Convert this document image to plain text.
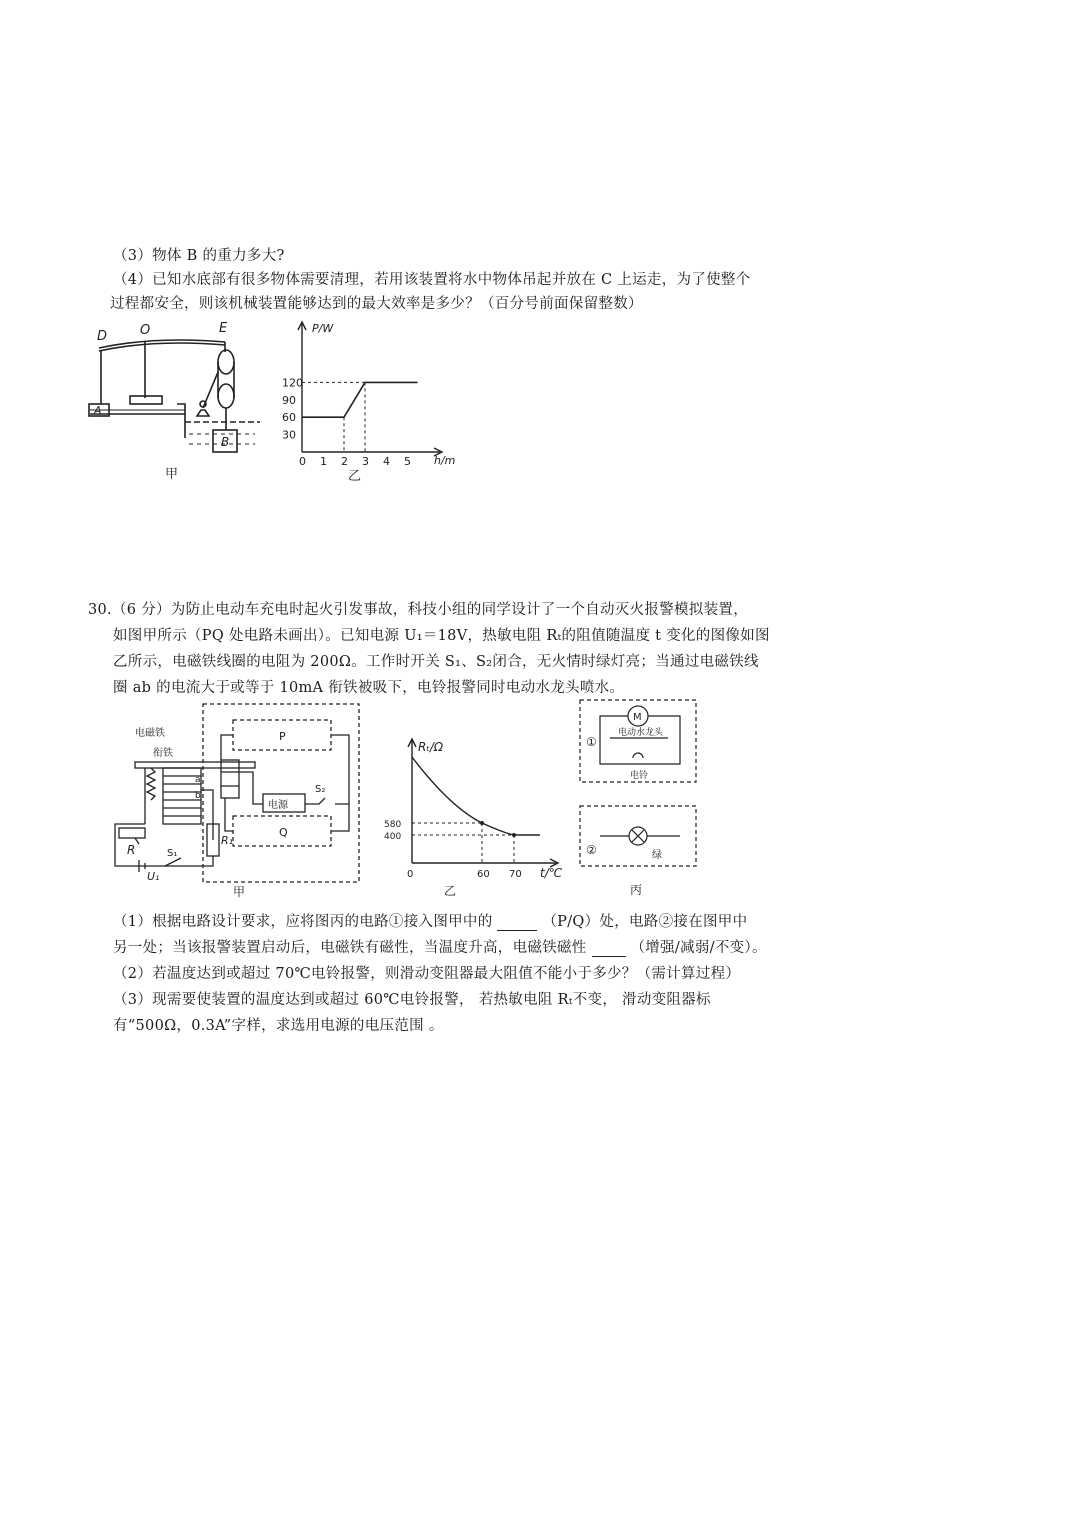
（3）物体 B 的重力多大?
（4）已知水底部有很多物体需要清理，若用该装置将水中物体吊起并放在 C 上运走，为了使整个
过程都安全，则该机械装置能够达到的最大效率是多少？（百分号前面保留整数）
D	O	E
A
B
甲
0 1 2 3 4 5
30
60
90
120
P/W
h/m
乙
30.（6 分）为防止电动车充电时起火引发事故，科技小组的同学设计了一个自动灭火报警模拟装置，
如图甲所示（PQ 处电路未画出）。已知电源 U₁＝18V，热敏电阻 Rₜ的阻值随温度 t 变化的图像如图
乙所示，电磁铁线圈的电阻为 200Ω。工作时开关 S₁、S₂闭合，无火情时绿灯亮；当通过电磁铁线
圈 ab 的电流大于或等于 10mA 衔铁被吸下，电铃报警同时电动水龙头喷水。
电磁铁
衔铁
P
Q
电源
S₂
S₁
R
R₁
U₁
a
b
甲
0	60 70
400
580
Rₜ/Ω
t/℃
乙
①
M
电动水龙头
电铃
②	绿
丙
（1）根据电路设计要求，应将图丙的电路①接入图甲中的	（P/Q）处，电路②接在图甲中
另一处；当该报警装置启动后，电磁铁有磁性，当温度升高，电磁铁磁性	（增强/减弱/不变）。
（2）若温度达到或超过 70℃电铃报警，则滑动变阻器最大阻值不能小于多少？（需计算过程）
（3）现需要使装置的温度达到或超过 60℃电铃报警， 若热敏电阻 Rₜ不变， 滑动变阻器标
有“500Ω，0.3A”字样，求选用电源的电压范围 。
